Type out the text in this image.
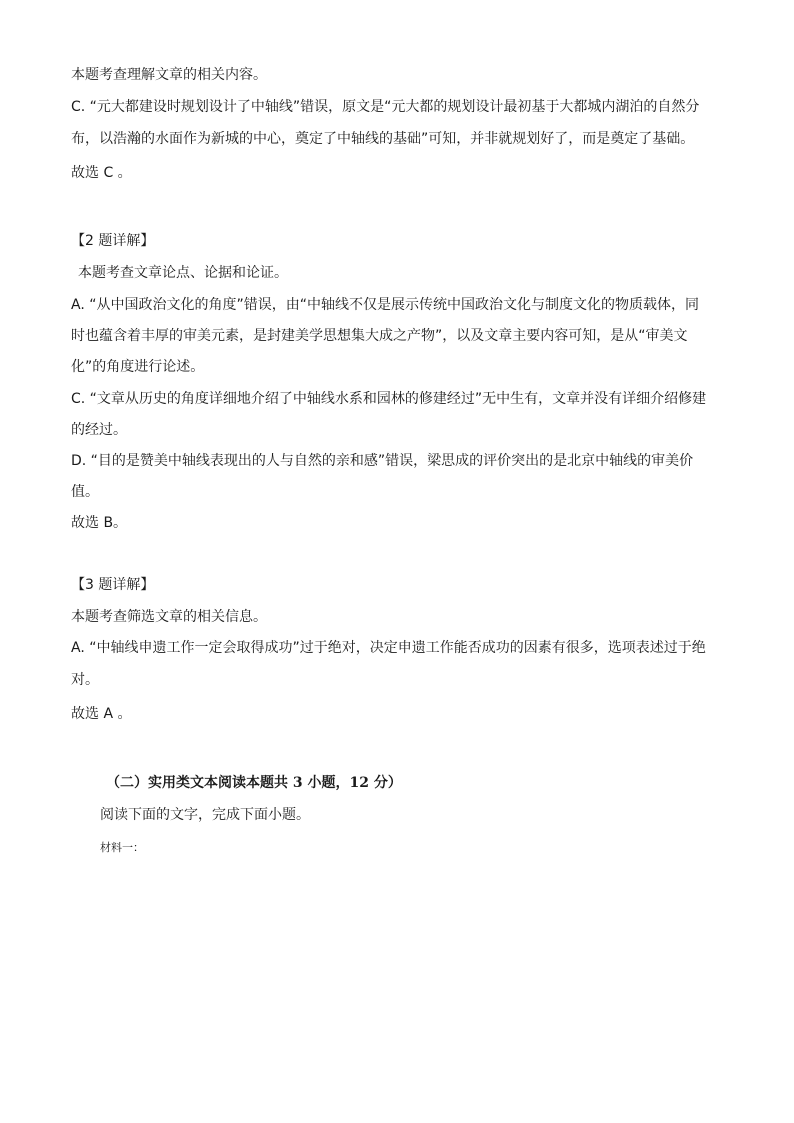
本题考查理解文章的相关内容。
C. “元大都建设时规划设计了中轴线”错误，原文是“元大都的规划设计最初基于大都城内湖泊的自然分
布，以浩瀚的水面作为新城的中心，奠定了中轴线的基础”可知，并非就规划好了，而是奠定了基础。
故选 C 。
【2 题详解】
本题考查文章论点、论据和论证。
A. “从中国政治文化的角度”错误，由“中轴线不仅是展示传统中国政治文化与制度文化的物质载体，同
时也蕴含着丰厚的审美元素，是封建美学思想集大成之产物”，以及文章主要内容可知，是从“审美文
化”的角度进行论述。
C. “文章从历史的角度详细地介绍了中轴线水系和园林的修建经过”无中生有，文章并没有详细介绍修建
的经过。
D. “目的是赞美中轴线表现出的人与自然的亲和感”错误，梁思成的评价突出的是北京中轴线的审美价
值。
故选 B。
【3 题详解】
本题考查筛选文章的相关信息。
A. “中轴线申遗工作一定会取得成功”过于绝对，决定申遗工作能否成功的因素有很多，选项表述过于绝
对。
故选 A 。
（二）实用类文本阅读本题共 3 小题，12 分）
阅读下面的文字，完成下面小题。
材料一：
